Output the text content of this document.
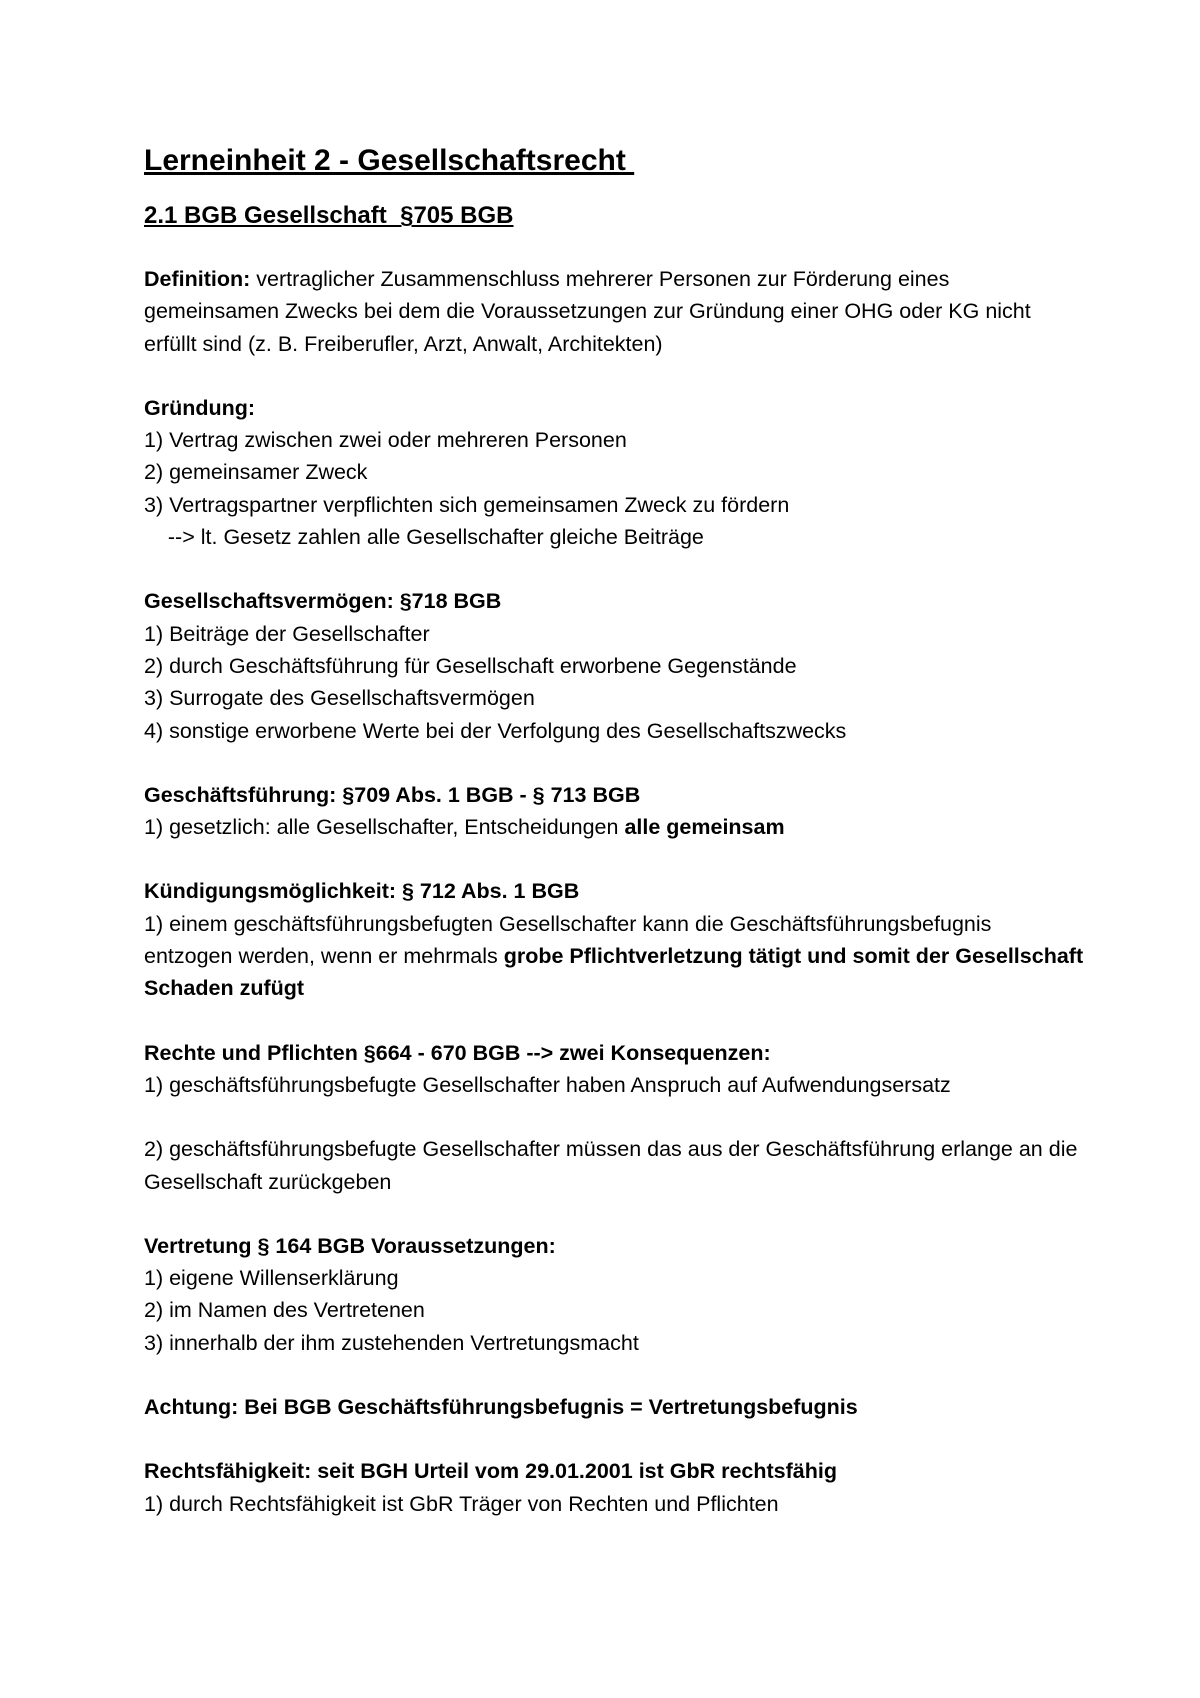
Lerneinheit 2 - Gesellschaftsrecht
2.1 BGB Gesellschaft  §705 BGB

Definition: vertraglicher Zusammenschluss mehrerer Personen zur Förderung eines gemeinsamen Zwecks bei dem die Voraussetzungen zur Gründung einer OHG oder KG nicht erfüllt sind (z. B. Freiberufler, Arzt, Anwalt, Architekten)

Gründung:
1) Vertrag zwischen zwei oder mehreren Personen
2) gemeinsamer Zweck
3) Vertragspartner verpflichten sich gemeinsamen Zweck zu fördern
--> lt. Gesetz zahlen alle Gesellschafter gleiche Beiträge
Gesellschaftsvermögen: §718 BGB
1) Beiträge der Gesellschafter
2) durch Geschäftsführung für Gesellschaft erworbene Gegenstände
3) Surrogate des Gesellschaftsvermögen
4) sonstige erworbene Werte bei der Verfolgung des Gesellschaftszwecks
Geschäftsführung: §709 Abs. 1 BGB - § 713 BGB
1) gesetzlich: alle Gesellschafter, Entscheidungen alle gemeinsam
Kündigungsmöglichkeit: § 712 Abs. 1 BGB

1) einem geschäftsführungsbefugten Gesellschafter kann die Geschäftsführungsbefugnis entzogen werden, wenn er mehrmals grobe Pflichtverletzung tätigt und somit der Gesellschaft Schaden zufügt

Rechte und Pflichten §664 - 670 BGB --> zwei Konsequenzen:
1) geschäftsführungsbefugte Gesellschafter haben Anspruch auf Aufwendungsersatz

2) geschäftsführungsbefugte Gesellschafter müssen das aus der Geschäftsführung erlange an die Gesellschaft zurückgeben

Vertretung § 164 BGB Voraussetzungen:
1) eigene Willenserklärung
2) im Namen des Vertretenen
3) innerhalb der ihm zustehenden Vertretungsmacht
Achtung: Bei BGB Geschäftsführungsbefugnis = Vertretungsbefugnis
Rechtsfähigkeit: seit BGH Urteil vom 29.01.2001 ist GbR rechtsfähig
1) durch Rechtsfähigkeit ist GbR Träger von Rechten und Pflichten
